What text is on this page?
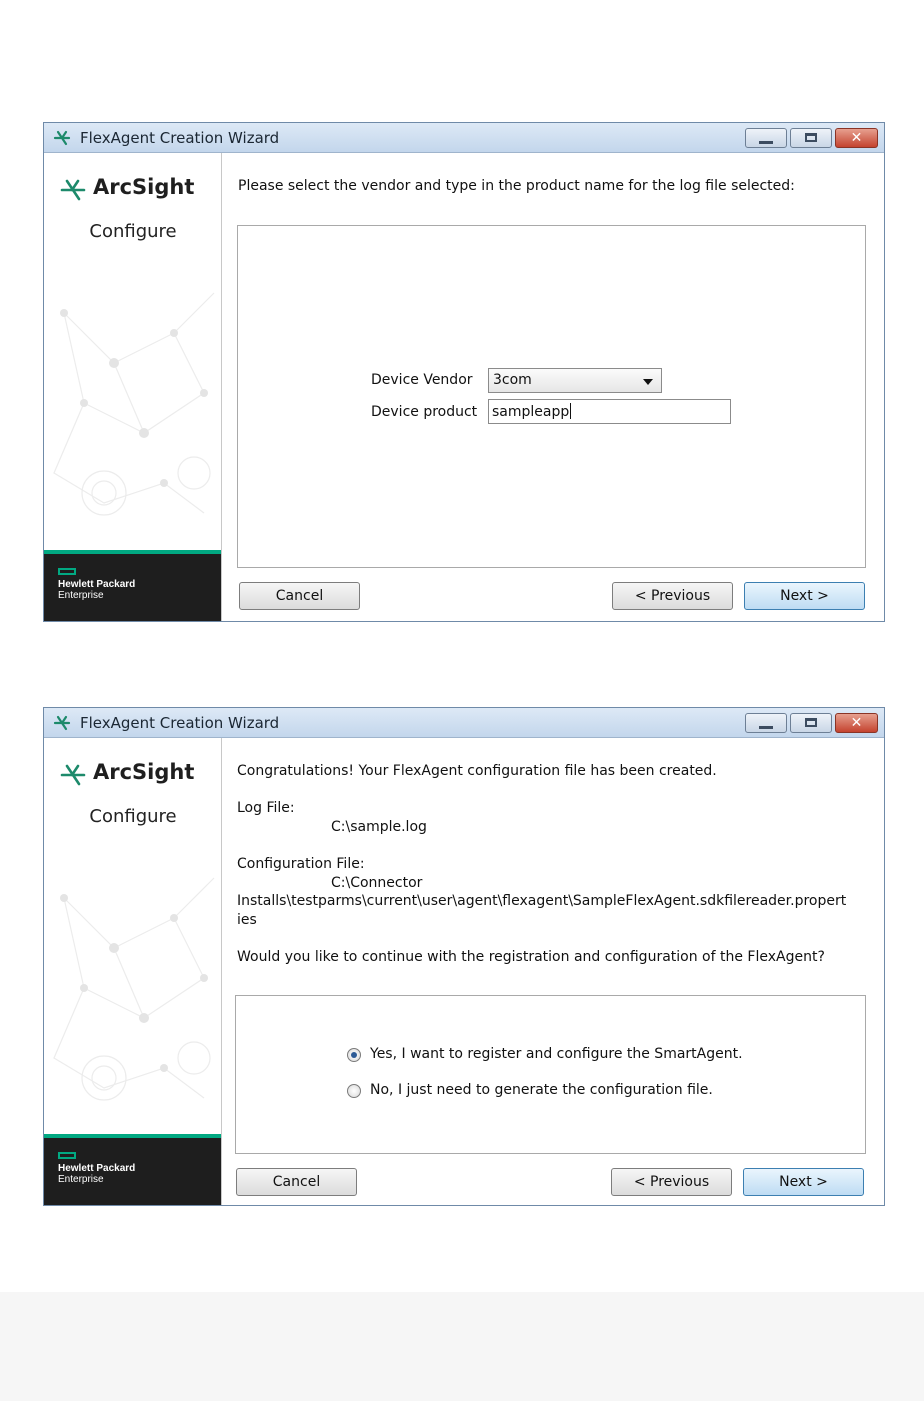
FlexAgent Creation Wizard	✕
ArcSight
Configure
Hewlett Packard
Enterprise
Please select the vendor and type in the product name for the log file selected:
Device Vendor 3com
Device product sampleapp
Cancel	< Previous	Next >
FlexAgent Creation Wizard	✕
ArcSight
Configure
Hewlett Packard
Enterprise
Congratulations! Your FlexAgent configuration file has been created.
Log File:
C:\sample.log
Configuration File:
C:\Connector
Installs\testparms\current\user\agent\flexagent\SampleFlexAgent.sdkfilereader.propert
ies
Would you like to continue with the registration and configuration of the FlexAgent?
Yes, I want to register and configure the SmartAgent.
No, I just need to generate the configuration file.
Cancel	< Previous	Next >
